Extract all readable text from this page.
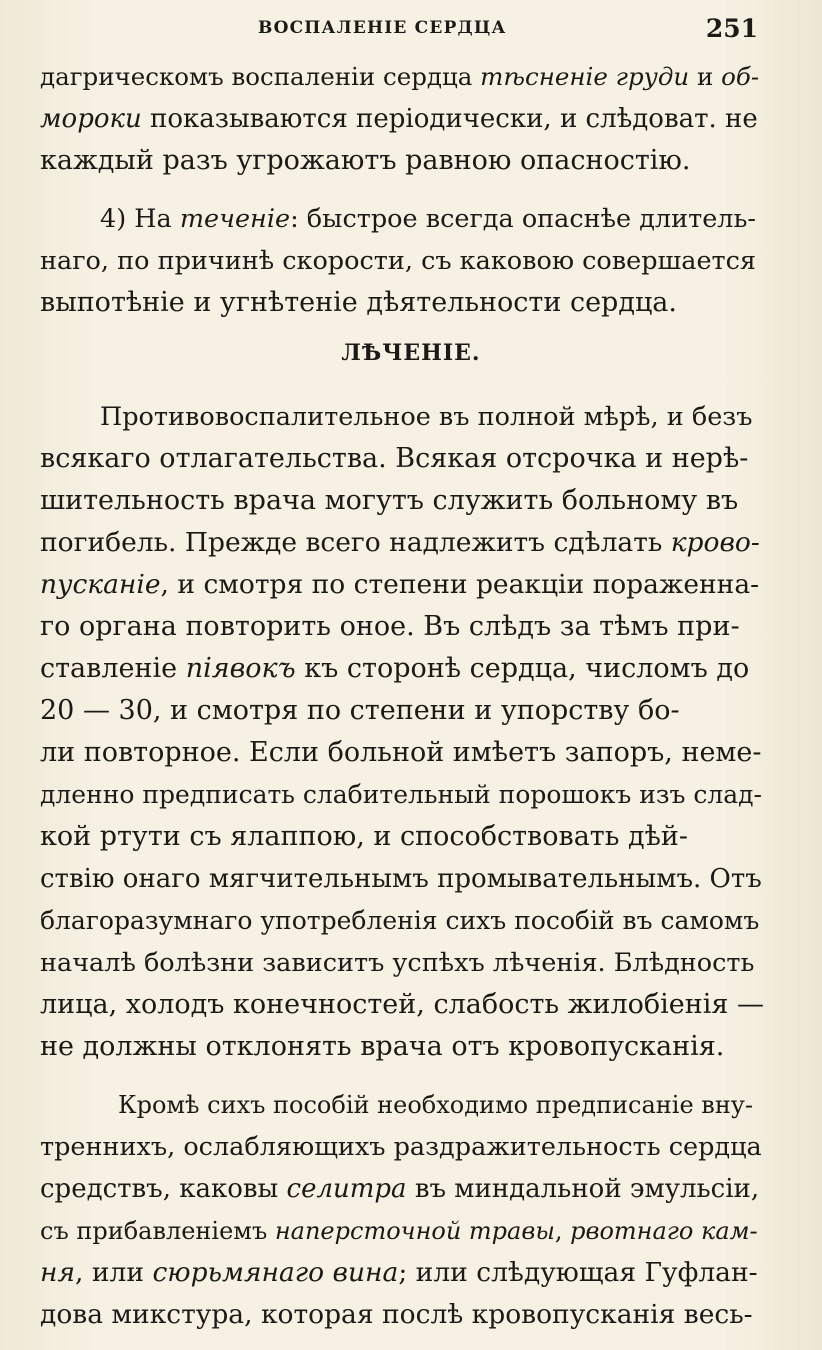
ВОСПАЛЕНІЕ СЕРДЦА	251
ЛѢЧЕНІЕ.
дагрическомъ воспаленіи сердца тѣсненіе груди и об-
мороки показываются періодически, и слѣдоват. не
каждый разъ угрожаютъ равною опасностію.
4) На теченіе: быстрое всегда опаснѣе длитель-
наго, по причинѣ скорости, съ каковою совершается
выпотѣніе и угнѣтеніе дѣятельности сердца.
Противовоспалительное въ полной мѣрѣ, и безъ
всякаго отлагательства. Всякая отсрочка и нерѣ-
шительность врача могутъ служить больному въ
погибель. Прежде всего надлежитъ сдѣлать крово-
пусканіе, и смотря по степени реакціи пораженна-
го органа повторить оное. Въ слѣдъ за тѣмъ при-
ставленіе піявокъ къ сторонѣ сердца, числомъ до
20 — 30, и смотря по степени и упорству бо-
ли повторное. Если больной имѣетъ запоръ, неме-
дленно предписать слабительный порошокъ изъ слад-
кой ртути съ ялаппою, и способствовать дѣй-
ствію онаго мягчительнымъ промывательнымъ. Отъ
благоразумнаго употребленія сихъ пособій въ самомъ
началѣ болѣзни зависитъ успѣхъ лѣченія. Блѣдность
лица, холодъ конечностей, слабость жилобіенія —
не должны отклонять врача отъ кровопусканія.
Кромѣ сихъ пособій необходимо предписаніе вну-
треннихъ, ослабляющихъ раздражительность сердца
средствъ, каковы селитра въ миндальной эмульсіи,
съ прибавленіемъ наперсточной травы, рвотнаго кам-
ня, или сюрьмянаго вина; или слѣдующая Гуфлан-
дова микстура, которая послѣ кровопусканія весь-
